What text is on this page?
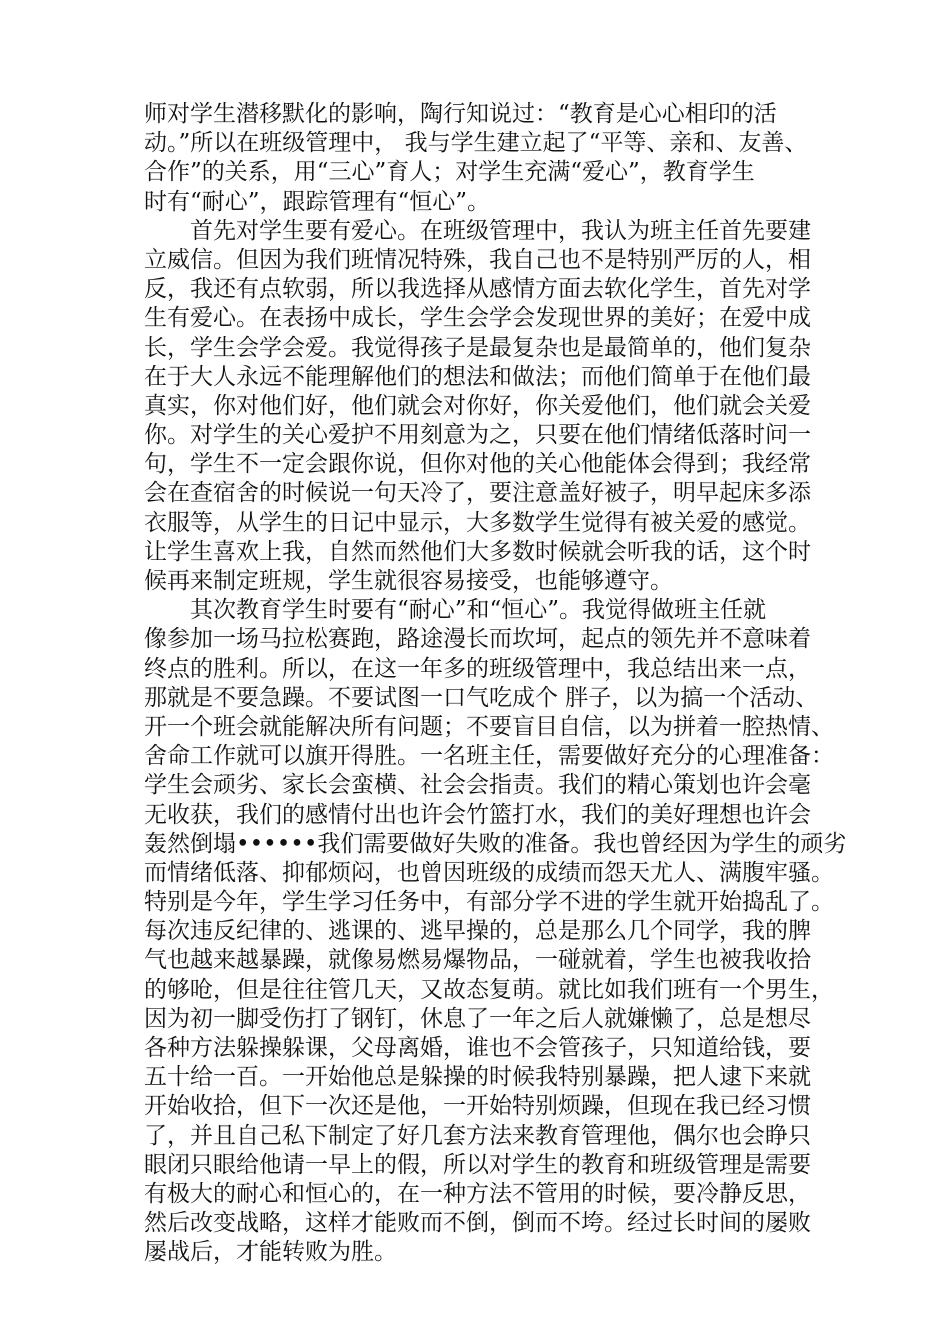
师对学生潜移默化的影响，陶行知说过：“教育是心心相印的活
动。”所以在班级管理中， 我与学生建立起了“平等、亲和、友善、
合作”的关系，用“三心”育人；对学生充满“爱心”，教育学生
时有“耐心”，跟踪管理有“恒心”。
首先对学生要有爱心。在班级管理中，我认为班主任首先要建
立威信。但因为我们班情况特殊，我自己也不是特别严厉的人，相
反，我还有点软弱，所以我选择从感情方面去软化学生，首先对学
生有爱心。在表扬中成长，学生会学会发现世界的美好；在爱中成
长，学生会学会爱。我觉得孩子是最复杂也是最简单的，他们复杂
在于大人永远不能理解他们的想法和做法；而他们简单于在他们最
真实，你对他们好，他们就会对你好，你关爱他们，他们就会关爱
你。对学生的关心爱护不用刻意为之，只要在他们情绪低落时问一
句，学生不一定会跟你说，但你对他的关心他能体会得到；我经常
会在查宿舍的时候说一句天冷了，要注意盖好被子，明早起床多添
衣服等，从学生的日记中显示，大多数学生觉得有被关爱的感觉。
让学生喜欢上我，自然而然他们大多数时候就会听我的话，这个时
候再来制定班规，学生就很容易接受，也能够遵守。
其次教育学生时要有“耐心”和“恒心”。我觉得做班主任就
像参加一场马拉松赛跑，路途漫长而坎坷，起点的领先并不意味着
终点的胜利。所以，在这一年多的班级管理中，我总结出来一点，
那就是不要急躁。不要试图一口气吃成个 胖子，以为搞一个活动、
开一个班会就能解决所有问题；不要盲目自信，以为拼着一腔热情、
舍命工作就可以旗开得胜。一名班主任，需要做好充分的心理准备：
学生会顽劣、家长会蛮横、社会会指责。我们的精心策划也许会毫
无收获，我们的感情付出也许会竹篮打水，我们的美好理想也许会
轰然倒塌••••••我们需要做好失败的准备。我也曾经因为学生的顽劣
而情绪低落、抑郁烦闷，也曾因班级的成绩而怨天尤人、满腹牢骚。
特别是今年，学生学习任务中，有部分学不进的学生就开始捣乱了。
每次违反纪律的、逃课的、逃早操的，总是那么几个同学，我的脾
气也越来越暴躁，就像易燃易爆物品，一碰就着，学生也被我收拾
的够呛，但是往往管几天，又故态复萌。就比如我们班有一个男生，
因为初一脚受伤打了钢钉，休息了一年之后人就嫌懒了，总是想尽
各种方法躲操躲课，父母离婚，谁也不会管孩子，只知道给钱，要
五十给一百。一开始他总是躲操的时候我特别暴躁，把人逮下来就
开始收拾，但下一次还是他，一开始特别烦躁，但现在我已经习惯
了，并且自己私下制定了好几套方法来教育管理他，偶尔也会睁只
眼闭只眼给他请一早上的假，所以对学生的教育和班级管理是需要
有极大的耐心和恒心的，在一种方法不管用的时候，要冷静反思，
然后改变战略，这样才能败而不倒，倒而不垮。经过长时间的屡败
屡战后，才能转败为胜。
